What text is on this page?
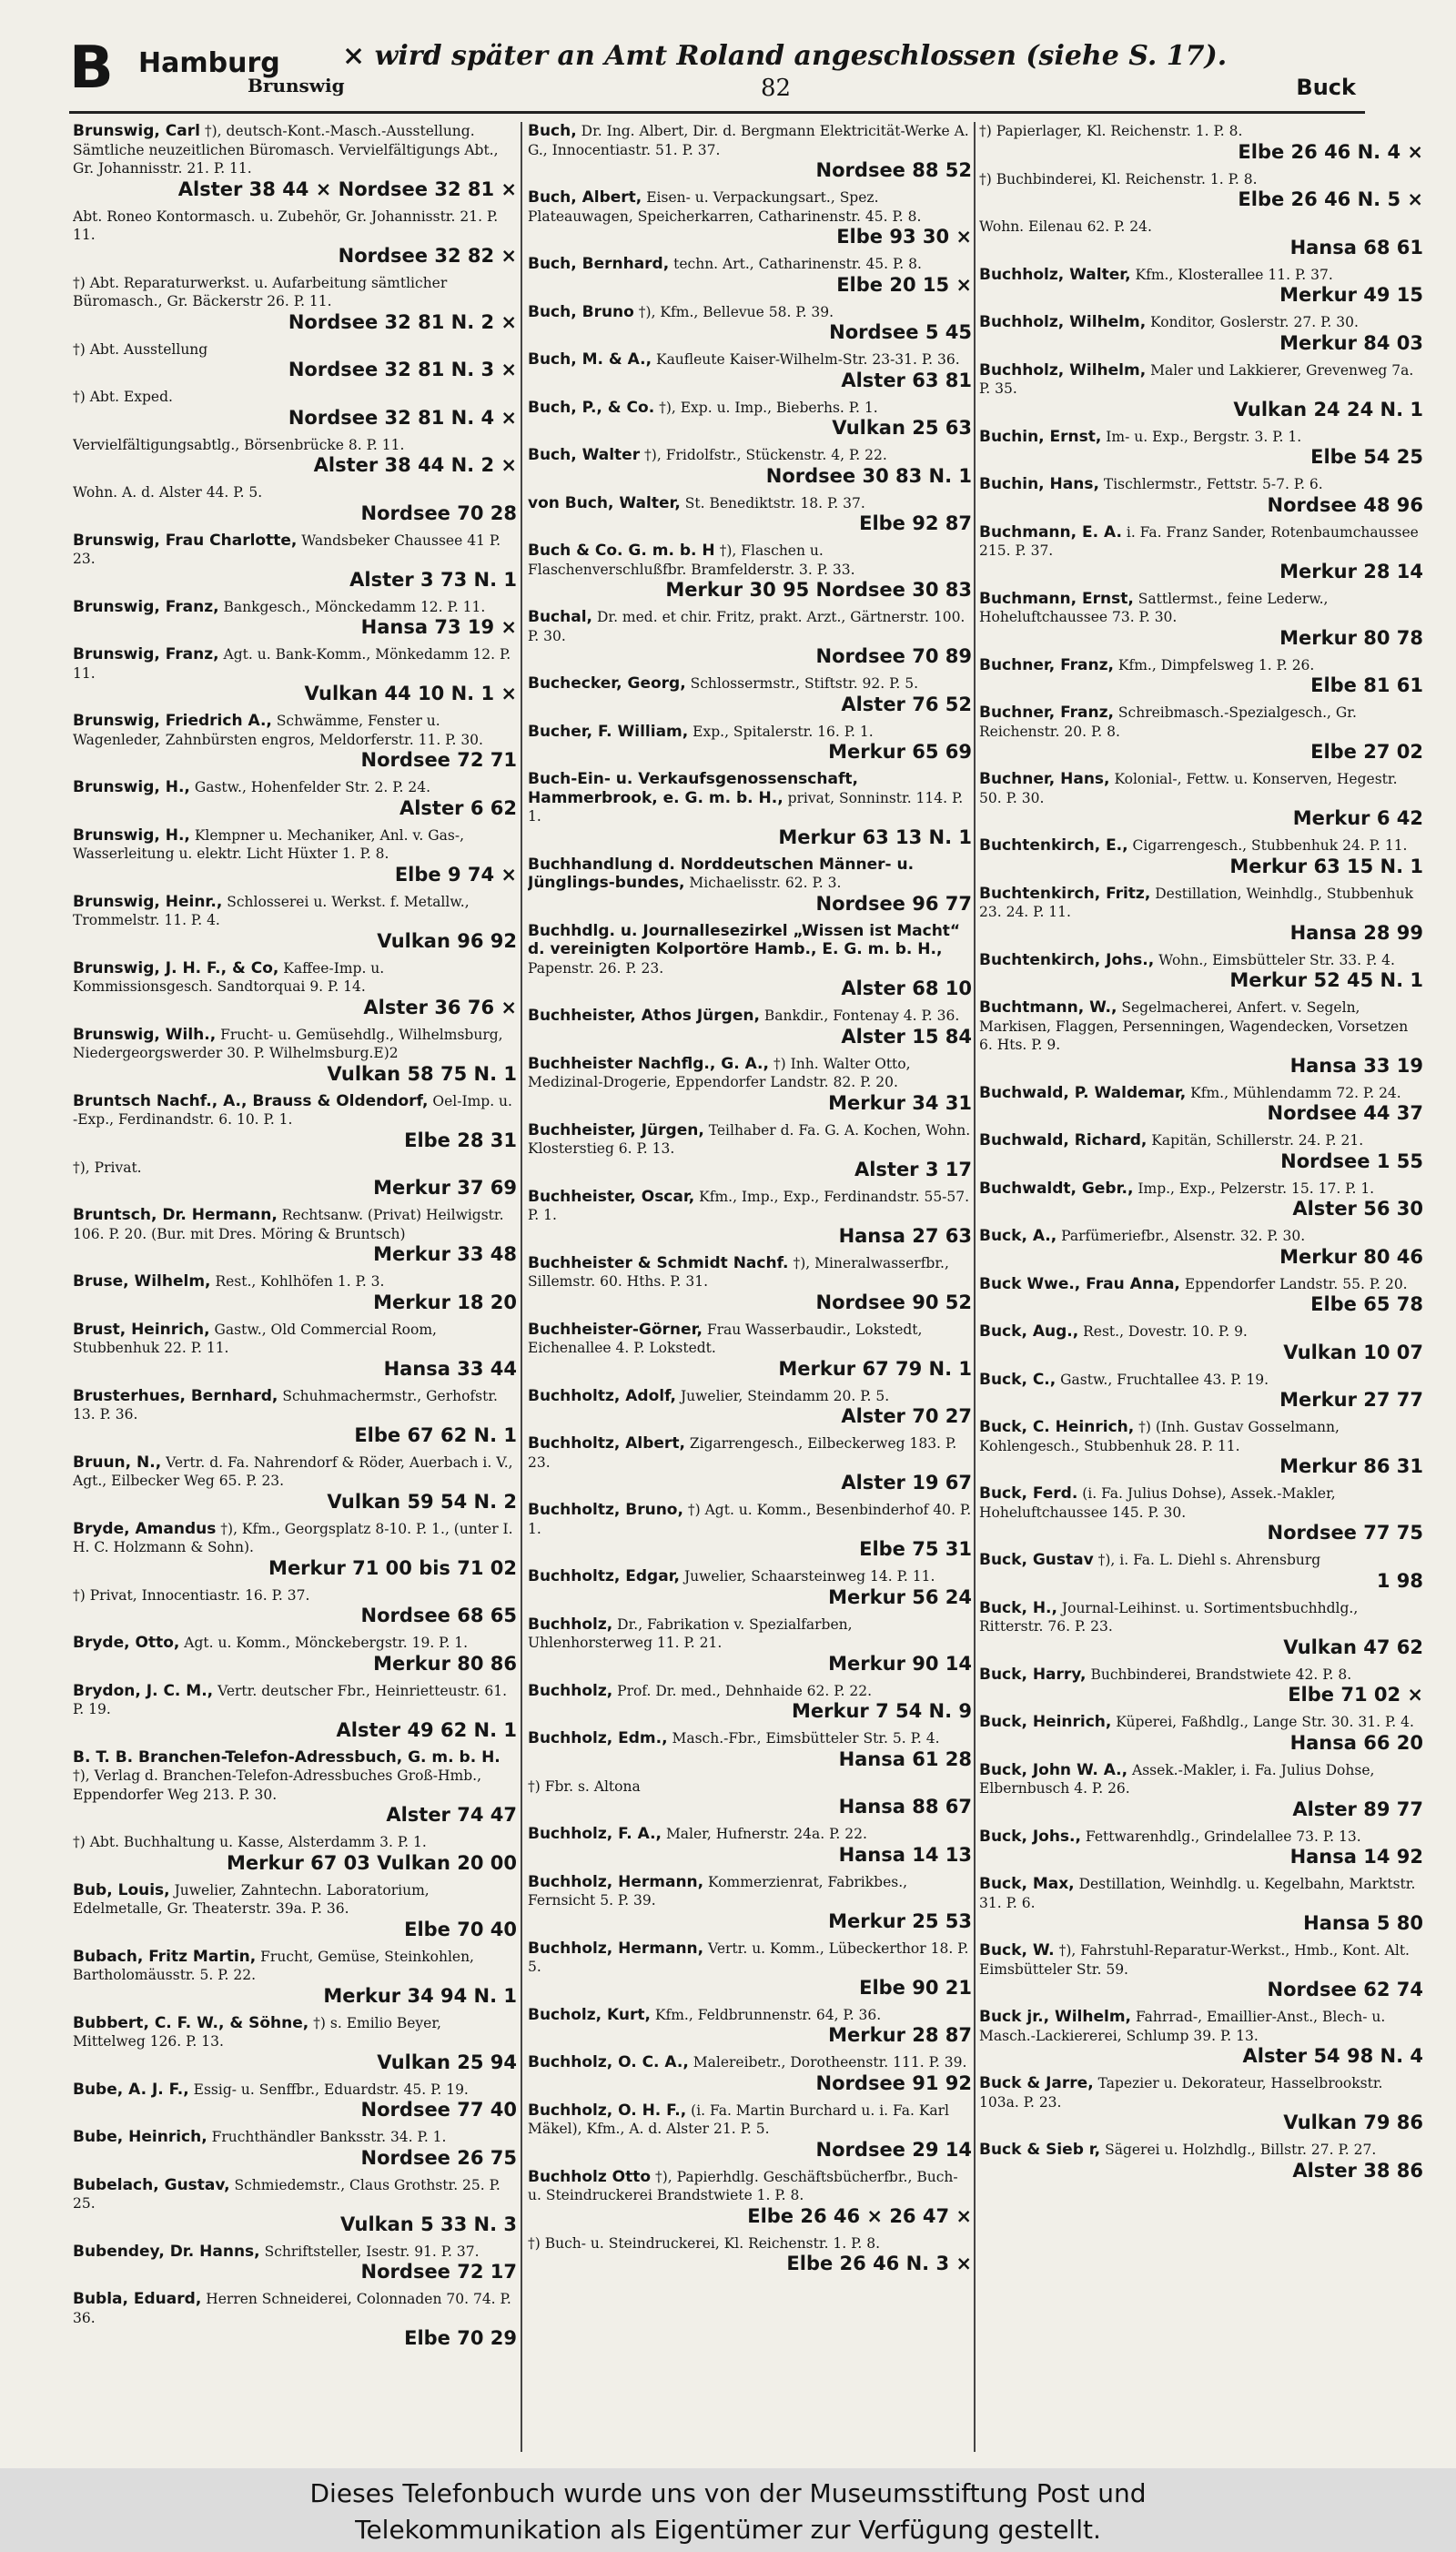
B Hamburg
Brunswig
× wird später an Amt Roland angeschlossen (siehe S. 17).
82	Buck
Brunswig, Carl †), deutsch-Kont.-Masch.-Ausstellung. Sämtliche neuzeitlichen Büromasch. Vervielfältigungs Abt., Gr. Johannisstr. 21. P. 11.
Alster 38 44 × Nordsee 32 81 ×
Abt. Roneo Kontormasch. u. Zubehör, Gr. Johannisstr. 21. P. 11.
Nordsee 32 82 ×
†) Abt. Reparaturwerkst. u. Aufarbeitung sämtlicher Büromasch., Gr. Bäckerstr 26. P. 11.
Nordsee 32 81 N. 2 ×
†) Abt. Ausstellung
Nordsee 32 81 N. 3 ×
†) Abt. Exped.
Nordsee 32 81 N. 4 ×
Vervielfältigungsabtlg., Börsenbrücke 8. P. 11.
Alster 38 44 N. 2 ×
Wohn. A. d. Alster 44. P. 5.
Nordsee 70 28
Brunswig, Frau Charlotte, Wandsbeker Chaussee 41 P. 23.
Alster 3 73 N. 1
Brunswig, Franz, Bankgesch., Mönckedamm 12. P. 11.
Hansa 73 19 ×
Brunswig, Franz, Agt. u. Bank-Komm., Mönkedamm 12. P. 11.
Vulkan 44 10 N. 1 ×
Brunswig, Friedrich A., Schwämme, Fenster u. Wagenleder, Zahnbürsten engros, Meldorferstr. 11. P. 30.
Nordsee 72 71
Brunswig, H., Gastw., Hohenfelder Str. 2. P. 24.
Alster 6 62
Brunswig, H., Klempner u. Mechaniker, Anl. v. Gas-, Wasserleitung u. elektr. Licht Hüxter 1. P. 8.
Elbe 9 74 ×
Brunswig, Heinr., Schlosserei u. Werkst. f. Metallw., Trommelstr. 11. P. 4.
Vulkan 96 92
Brunswig, J. H. F., & Co, Kaffee-Imp. u. Kommissionsgesch. Sandtorquai 9. P. 14.
Alster 36 76 ×
Brunswig, Wilh., Frucht- u. Gemüsehdlg., Wilhelmsburg, Niedergeorgswerder 30. P. Wilhelmsburg.E)2
Vulkan 58 75 N. 1
Bruntsch Nachf., A., Brauss & Oldendorf, Oel-Imp. u. -Exp., Ferdinandstr. 6. 10. P. 1.
Elbe 28 31
†), Privat.
Merkur 37 69
Bruntsch, Dr. Hermann, Rechtsanw. (Privat) Heilwigstr. 106. P. 20. (Bur. mit Dres. Möring & Bruntsch)
Merkur 33 48
Bruse, Wilhelm, Rest., Kohlhöfen 1. P. 3.
Merkur 18 20
Brust, Heinrich, Gastw., Old Commercial Room, Stubbenhuk 22. P. 11.
Hansa 33 44
Brusterhues, Bernhard, Schuhmachermstr., Gerhofstr. 13. P. 36.
Elbe 67 62 N. 1
Bruun, N., Vertr. d. Fa. Nahrendorf & Röder, Auerbach i. V., Agt., Eilbecker Weg 65. P. 23.
Vulkan 59 54 N. 2
Bryde, Amandus †), Kfm., Georgsplatz 8-10. P. 1., (unter I. H. C. Holzmann & Sohn).
Merkur 71 00 bis 71 02
†) Privat, Innocentiastr. 16. P. 37.
Nordsee 68 65
Bryde, Otto, Agt. u. Komm., Mönckebergstr. 19. P. 1.
Merkur 80 86
Brydon, J. C. M., Vertr. deutscher Fbr., Heinrietteustr. 61. P. 19.
Alster 49 62 N. 1
B. T. B. Branchen-Telefon-Adressbuch, G. m. b. H. †), Verlag d. Branchen-Telefon-Adressbuches Groß-Hmb., Eppendorfer Weg 213. P. 30.
Alster 74 47
†) Abt. Buchhaltung u. Kasse, Alsterdamm 3. P. 1.
Merkur 67 03 Vulkan 20 00
Bub, Louis, Juwelier, Zahntechn. Laboratorium, Edelmetalle, Gr. Theaterstr. 39a. P. 36.
Elbe 70 40
Bubach, Fritz Martin, Frucht, Gemüse, Steinkohlen, Bartholomäusstr. 5. P. 22.
Merkur 34 94 N. 1
Bubbert, C. F. W., & Söhne, †) s. Emilio Beyer, Mittelweg 126. P. 13.
Vulkan 25 94
Bube, A. J. F., Essig- u. Senffbr., Eduardstr. 45. P. 19.
Nordsee 77 40
Bube, Heinrich, Fruchthändler Banksstr. 34. P. 1.
Nordsee 26 75
Bubelach, Gustav, Schmiedemstr., Claus Grothstr. 25. P. 25.
Vulkan 5 33 N. 3
Bubendey, Dr. Hanns, Schriftsteller, Isestr. 91. P. 37.
Nordsee 72 17
Bubla, Eduard, Herren Schneiderei, Colonnaden 70. 74. P. 36.
Elbe 70 29
Buch, Dr. Ing. Albert, Dir. d. Bergmann Elektricität-Werke A. G., Innocentiastr. 51. P. 37.
Nordsee 88 52
Buch, Albert, Eisen- u. Verpackungsart., Spez. Plateauwagen, Speicherkarren, Catharinenstr. 45. P. 8.
Elbe 93 30 ×
Buch, Bernhard, techn. Art., Catharinenstr. 45. P. 8.
Elbe 20 15 ×
Buch, Bruno †), Kfm., Bellevue 58. P. 39.
Nordsee 5 45
Buch, M. & A., Kaufleute Kaiser-Wilhelm-Str. 23-31. P. 36.
Alster 63 81
Buch, P., & Co. †), Exp. u. Imp., Bieberhs. P. 1.
Vulkan 25 63
Buch, Walter †), Fridolfstr., Stückenstr. 4, P. 22.
Nordsee 30 83 N. 1
von Buch, Walter, St. Benediktstr. 18. P. 37.
Elbe 92 87
Buch & Co. G. m. b. H †), Flaschen u. Flaschenverschlußfbr. Bramfelderstr. 3. P. 33.
Merkur 30 95 Nordsee 30 83
Buchal, Dr. med. et chir. Fritz, prakt. Arzt., Gärtnerstr. 100. P. 30.
Nordsee 70 89
Buchecker, Georg, Schlossermstr., Stiftstr. 92. P. 5.
Alster 76 52
Bucher, F. William, Exp., Spitalerstr. 16. P. 1.
Merkur 65 69
Buch-Ein- u. Verkaufsgenossenschaft, Hammerbrook, e. G. m. b. H., privat, Sonninstr. 114. P. 1.
Merkur 63 13 N. 1
Buchhandlung d. Norddeutschen Männer- u. Jünglings-bundes, Michaelisstr. 62. P. 3.
Nordsee 96 77
Buchhdlg. u. Journallesezirkel „Wissen ist Macht“ d. vereinigten Kolportöre Hamb., E. G. m. b. H., Papenstr. 26. P. 23.
Alster 68 10
Buchheister, Athos Jürgen, Bankdir., Fontenay 4. P. 36.
Alster 15 84
Buchheister Nachflg., G. A., †) Inh. Walter Otto, Medizinal-Drogerie, Eppendorfer Landstr. 82. P. 20.
Merkur 34 31
Buchheister, Jürgen, Teilhaber d. Fa. G. A. Kochen, Wohn. Klosterstieg 6. P. 13.
Alster 3 17
Buchheister, Oscar, Kfm., Imp., Exp., Ferdinandstr. 55-57. P. 1.
Hansa 27 63
Buchheister & Schmidt Nachf. †), Mineralwasserfbr., Sillemstr. 60. Hths. P. 31.
Nordsee 90 52
Buchheister-Görner, Frau Wasserbaudir., Lokstedt, Eichenallee 4. P. Lokstedt.
Merkur 67 79 N. 1
Buchholtz, Adolf, Juwelier, Steindamm 20. P. 5.
Alster 70 27
Buchholtz, Albert, Zigarrengesch., Eilbeckerweg 183. P. 23.
Alster 19 67
Buchholtz, Bruno, †) Agt. u. Komm., Besenbinderhof 40. P. 1.
Elbe 75 31
Buchholtz, Edgar, Juwelier, Schaarsteinweg 14. P. 11.
Merkur 56 24
Buchholz, Dr., Fabrikation v. Spezialfarben, Uhlenhorsterweg 11. P. 21.
Merkur 90 14
Buchholz, Prof. Dr. med., Dehnhaide 62. P. 22.
Merkur 7 54 N. 9
Buchholz, Edm., Masch.-Fbr., Eimsbütteler Str. 5. P. 4.
Hansa 61 28
†) Fbr. s. Altona
Hansa 88 67
Buchholz, F. A., Maler, Hufnerstr. 24a. P. 22.
Hansa 14 13
Buchholz, Hermann, Kommerzienrat, Fabrikbes., Fernsicht 5. P. 39.
Merkur 25 53
Buchholz, Hermann, Vertr. u. Komm., Lübeckerthor 18. P. 5.
Elbe 90 21
Bucholz, Kurt, Kfm., Feldbrunnenstr. 64, P. 36.
Merkur 28 87
Buchholz, O. C. A., Malereibetr., Dorotheenstr. 111. P. 39.
Nordsee 91 92
Buchholz, O. H. F., (i. Fa. Martin Burchard u. i. Fa. Karl Mäkel), Kfm., A. d. Alster 21. P. 5.
Nordsee 29 14
Buchholz Otto †), Papierhdlg. Geschäftsbücherfbr., Buch- u. Steindruckerei Brandstwiete 1. P. 8.
Elbe 26 46 × 26 47 ×
†) Buch- u. Steindruckerei, Kl. Reichenstr. 1. P. 8.
Elbe 26 46 N. 3 ×
†) Papierlager, Kl. Reichenstr. 1. P. 8.
Elbe 26 46 N. 4 ×
†) Buchbinderei, Kl. Reichenstr. 1. P. 8.
Elbe 26 46 N. 5 ×
Wohn. Eilenau 62. P. 24.
Hansa 68 61
Buchholz, Walter, Kfm., Klosterallee 11. P. 37.
Merkur 49 15
Buchholz, Wilhelm, Konditor, Goslerstr. 27. P. 30.
Merkur 84 03
Buchholz, Wilhelm, Maler und Lakkierer, Grevenweg 7a. P. 35.
Vulkan 24 24 N. 1
Buchin, Ernst, Im- u. Exp., Bergstr. 3. P. 1.
Elbe 54 25
Buchin, Hans, Tischlermstr., Fettstr. 5-7. P. 6.
Nordsee 48 96
Buchmann, E. A. i. Fa. Franz Sander, Rotenbaumchaussee 215. P. 37.
Merkur 28 14
Buchmann, Ernst, Sattlermst., feine Lederw., Hoheluftchaussee 73. P. 30.
Merkur 80 78
Buchner, Franz, Kfm., Dimpfelsweg 1. P. 26.
Elbe 81 61
Buchner, Franz, Schreibmasch.-Spezialgesch., Gr. Reichenstr. 20. P. 8.
Elbe 27 02
Buchner, Hans, Kolonial-, Fettw. u. Konserven, Hegestr. 50. P. 30.
Merkur 6 42
Buchtenkirch, E., Cigarrengesch., Stubbenhuk 24. P. 11.
Merkur 63 15 N. 1
Buchtenkirch, Fritz, Destillation, Weinhdlg., Stubbenhuk 23. 24. P. 11.
Hansa 28 99
Buchtenkirch, Johs., Wohn., Eimsbütteler Str. 33. P. 4.
Merkur 52 45 N. 1
Buchtmann, W., Segelmacherei, Anfert. v. Segeln, Markisen, Flaggen, Persenningen, Wagendecken, Vorsetzen 6. Hts. P. 9.
Hansa 33 19
Buchwald, P. Waldemar, Kfm., Mühlendamm 72. P. 24.
Nordsee 44 37
Buchwald, Richard, Kapitän, Schillerstr. 24. P. 21.
Nordsee 1 55
Buchwaldt, Gebr., Imp., Exp., Pelzerstr. 15. 17. P. 1.
Alster 56 30
Buck, A., Parfümeriefbr., Alsenstr. 32. P. 30.
Merkur 80 46
Buck Wwe., Frau Anna, Eppendorfer Landstr. 55. P. 20.
Elbe 65 78
Buck, Aug., Rest., Dovestr. 10. P. 9.
Vulkan 10 07
Buck, C., Gastw., Fruchtallee 43. P. 19.
Merkur 27 77
Buck, C. Heinrich, †) (Inh. Gustav Gosselmann, Kohlengesch., Stubbenhuk 28. P. 11.
Merkur 86 31
Buck, Ferd. (i. Fa. Julius Dohse), Assek.-Makler, Hoheluftchaussee 145. P. 30.
Nordsee 77 75
Buck, Gustav †), i. Fa. L. Diehl s. Ahrensburg
1 98
Buck, H., Journal-Leihinst. u. Sortimentsbuchhdlg., Ritterstr. 76. P. 23.
Vulkan 47 62
Buck, Harry, Buchbinderei, Brandstwiete 42. P. 8.
Elbe 71 02 ×
Buck, Heinrich, Küperei, Faßhdlg., Lange Str. 30. 31. P. 4.
Hansa 66 20
Buck, John W. A., Assek.-Makler, i. Fa. Julius Dohse, Elbernbusch 4. P. 26.
Alster 89 77
Buck, Johs., Fettwarenhdlg., Grindelallee 73. P. 13.
Hansa 14 92
Buck, Max, Destillation, Weinhdlg. u. Kegelbahn, Marktstr. 31. P. 6.
Hansa 5 80
Buck, W. †), Fahrstuhl-Reparatur-Werkst., Hmb., Kont. Alt. Eimsbütteler Str. 59.
Nordsee 62 74
Buck jr., Wilhelm, Fahrrad-, Emaillier-Anst., Blech- u. Masch.-Lackiererei, Schlump 39. P. 13.
Alster 54 98 N. 4
Buck & Jarre, Tapezier u. Dekorateur, Hasselbrookstr. 103a. P. 23.
Vulkan 79 86
Buck & Sieb r, Sägerei u. Holzhdlg., Billstr. 27. P. 27.
Alster 38 86
Dieses Telefonbuch wurde uns von der Museumsstiftung Post und
Telekommunikation als Eigentümer zur Verfügung gestellt.
